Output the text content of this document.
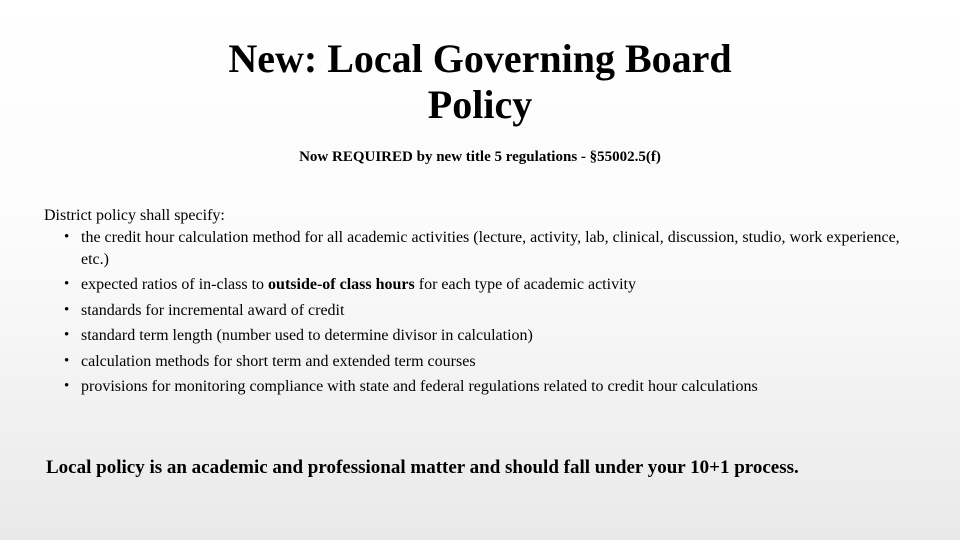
New: Local Governing Board
Policy

Now REQUIRED by new title 5 regulations - §55002.5(f)

District policy shall specify:

• the credit hour calculation method for all academic activities (lecture, activity, lab, clinical, discussion, studio, work experience, etc.)
• expected ratios of in-class to outside-of class hours for each type of academic activity
• standards for incremental award of credit
• standard term length (number used to determine divisor in calculation)
• calculation methods for short term and extended term courses
• provisions for monitoring compliance with state and federal regulations related to credit hour calculations

Local policy is an academic and professional matter and should fall under your 10+1 process.
